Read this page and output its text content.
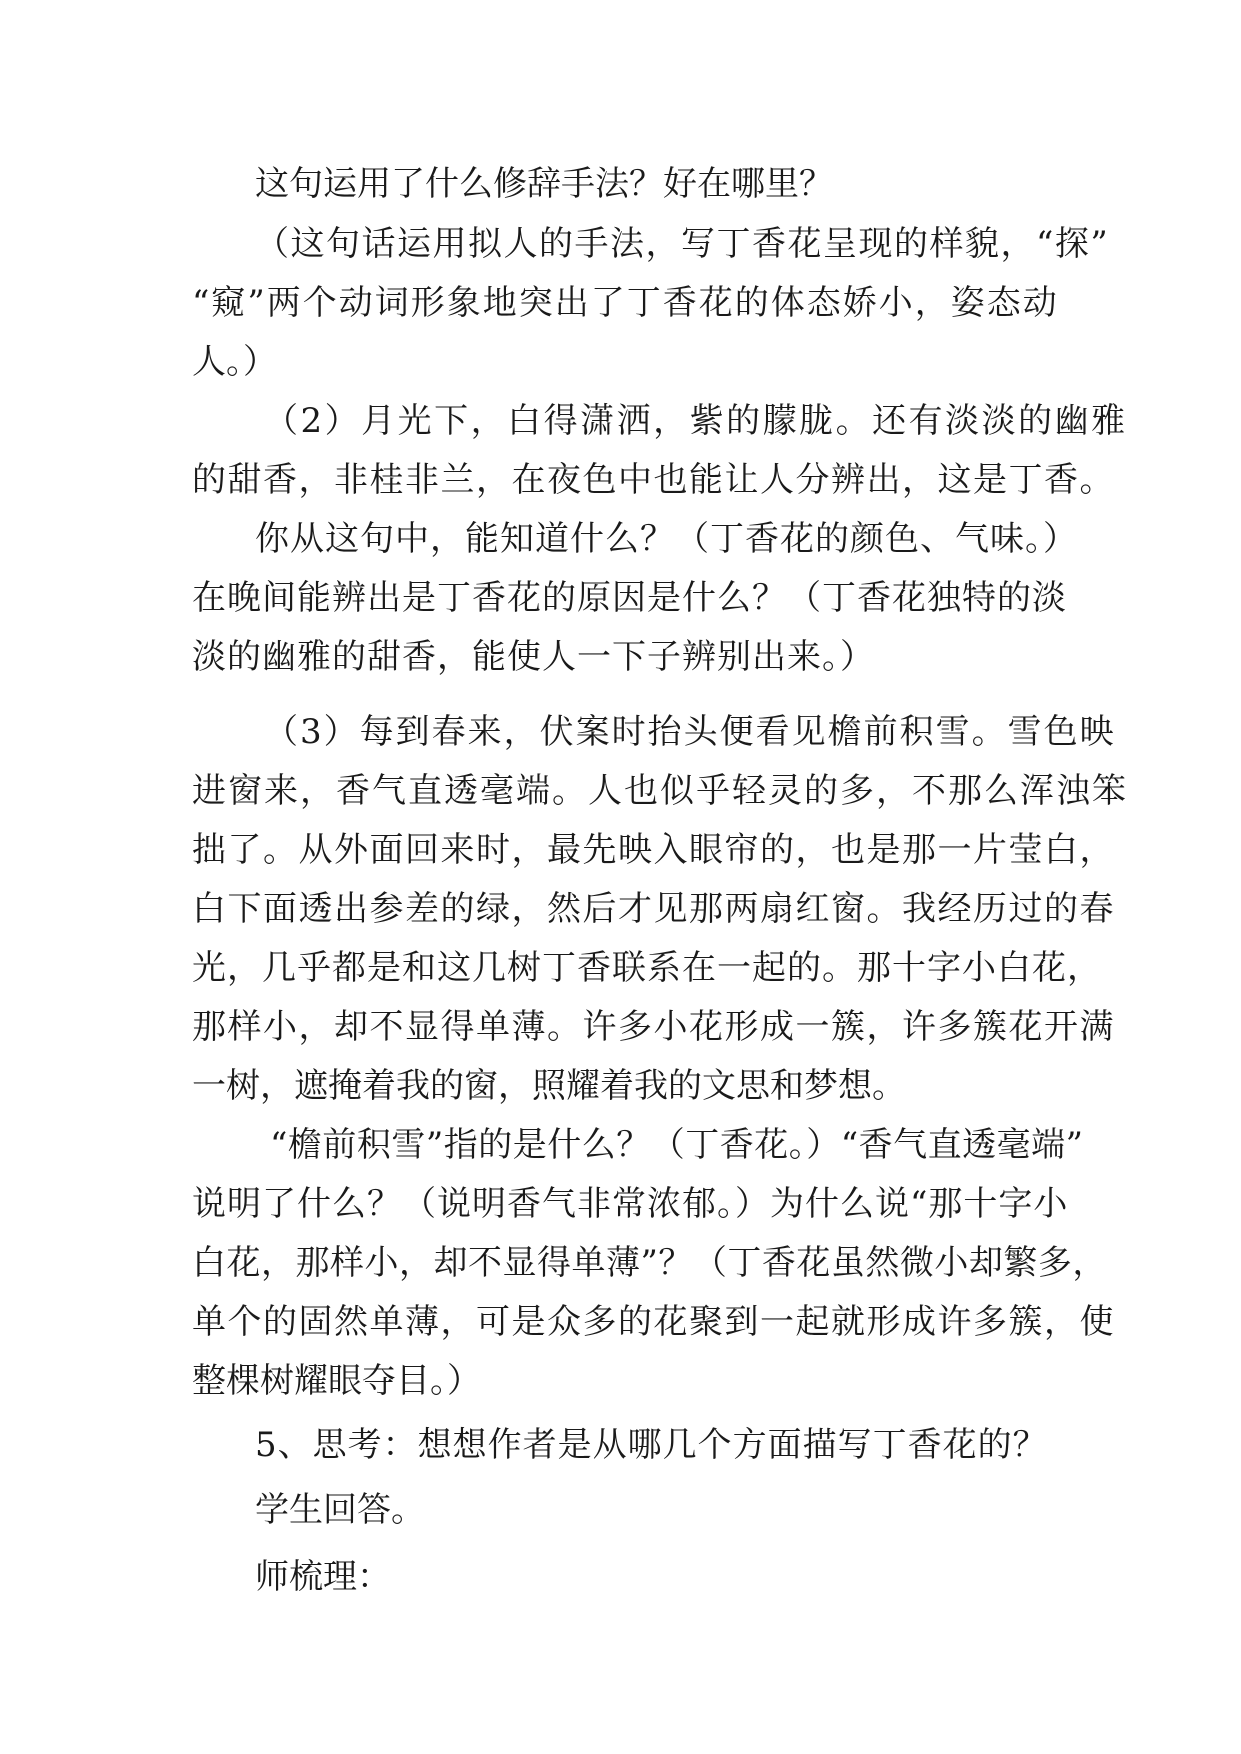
这句运用了什么修辞手法？好在哪里？
（这句话运用拟人的手法，写丁香花呈现的样貌，“探”
“窥”两个动词形象地突出了丁香花的体态娇小，姿态动
人。）
（2）月光下，白得潇洒，紫的朦胧。还有淡淡的幽雅
的甜香，非桂非兰，在夜色中也能让人分辨出，这是丁香。
你从这句中，能知道什么？（丁香花的颜色、气味。）
在晚间能辨出是丁香花的原因是什么？（丁香花独特的淡
淡的幽雅的甜香，能使人一下子辨别出来。）
（3）每到春来，伏案时抬头便看见檐前积雪。雪色映
进窗来，香气直透毫端。人也似乎轻灵的多，不那么浑浊笨
拙了。从外面回来时，最先映入眼帘的，也是那一片莹白，
白下面透出参差的绿，然后才见那两扇红窗。我经历过的春
光，几乎都是和这几树丁香联系在一起的。那十字小白花，
那样小，却不显得单薄。许多小花形成一簇，许多簇花开满
一树，遮掩着我的窗，照耀着我的文思和梦想。
“檐前积雪”指的是什么？（丁香花。）“香气直透毫端”
说明了什么？（说明香气非常浓郁。）为什么说“那十字小
白花，那样小，却不显得单薄”？（丁香花虽然微小却繁多，
单个的固然单薄，可是众多的花聚到一起就形成许多簇，使
整棵树耀眼夺目。）
5、思考：想想作者是从哪几个方面描写丁香花的？
学生回答。
师梳理：
